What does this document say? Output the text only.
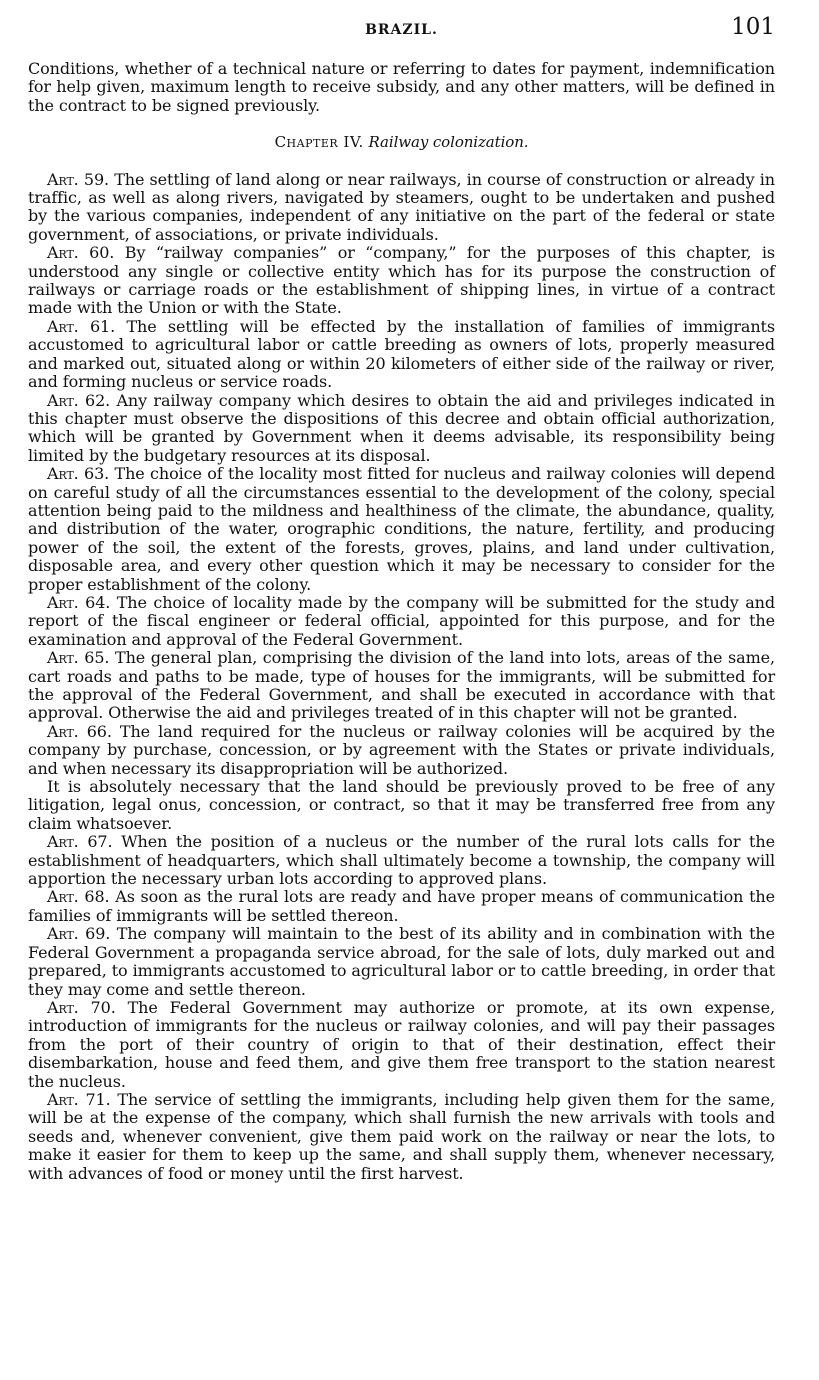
BRAZIL.	101

Conditions, whether of a technical nature or referring to dates for payment, indemnification for help given, maximum length to receive subsidy, and any other matters, will be defined in the contract to be signed previously.

Chapter IV. Railway colonization.

Art. 59. The settling of land along or near railways, in course of construction or already in traffic, as well as along rivers, navigated by steamers, ought to be undertaken and pushed by the various companies, independent of any initiative on the part of the federal or state government, of associations, or private individuals.

Art. 60. By “railway companies” or “company,” for the purposes of this chapter, is understood any single or collective entity which has for its purpose the construction of railways or carriage roads or the establishment of shipping lines, in virtue of a contract made with the Union or with the State.

Art. 61. The settling will be effected by the installation of families of immigrants accustomed to agricultural labor or cattle breeding as owners of lots, properly measured and marked out, situated along or within 20 kilometers of either side of the railway or river, and forming nucleus or service roads.

Art. 62. Any railway company which desires to obtain the aid and privileges indicated in this chapter must observe the dispositions of this decree and obtain official authorization, which will be granted by Government when it deems advisable, its responsibility being limited by the budgetary resources at its disposal.

Art. 63. The choice of the locality most fitted for nucleus and railway colonies will depend on careful study of all the circumstances essential to the development of the colony, special attention being paid to the mildness and healthiness of the climate, the abundance, quality, and distribution of the water, orographic conditions, the nature, fertility, and producing power of the soil, the extent of the forests, groves, plains, and land under cultivation, disposable area, and every other question which it may be necessary to consider for the proper establishment of the colony.

Art. 64. The choice of locality made by the company will be submitted for the study and report of the fiscal engineer or federal official, appointed for this purpose, and for the examination and approval of the Federal Government.

Art. 65. The general plan, comprising the division of the land into lots, areas of the same, cart roads and paths to be made, type of houses for the immigrants, will be submitted for the approval of the Federal Government, and shall be executed in accordance with that approval. Otherwise the aid and privileges treated of in this chapter will not be granted.

Art. 66. The land required for the nucleus or railway colonies will be acquired by the company by purchase, concession, or by agreement with the States or private individuals, and when necessary its disappropriation will be authorized.

It is absolutely necessary that the land should be previously proved to be free of any litigation, legal onus, concession, or contract, so that it may be transferred free from any claim whatsoever.

Art. 67. When the position of a nucleus or the number of the rural lots calls for the establishment of headquarters, which shall ultimately become a township, the company will apportion the necessary urban lots according to approved plans.

Art. 68. As soon as the rural lots are ready and have proper means of communication the families of immigrants will be settled thereon.

Art. 69. The company will maintain to the best of its ability and in combination with the Federal Government a propaganda service abroad, for the sale of lots, duly marked out and prepared, to immigrants accustomed to agricultural labor or to cattle breeding, in order that they may come and settle thereon.

Art. 70. The Federal Government may authorize or promote, at its own expense, introduction of immigrants for the nucleus or railway colonies, and will pay their passages from the port of their country of origin to that of their destination, effect their disembarkation, house and feed them, and give them free transport to the station nearest the nucleus.

Art. 71. The service of settling the immigrants, including help given them for the same, will be at the expense of the company, which shall furnish the new arrivals with tools and seeds and, whenever convenient, give them paid work on the railway or near the lots, to make it easier for them to keep up the same, and shall supply them, whenever necessary, with advances of food or money until the first harvest.
